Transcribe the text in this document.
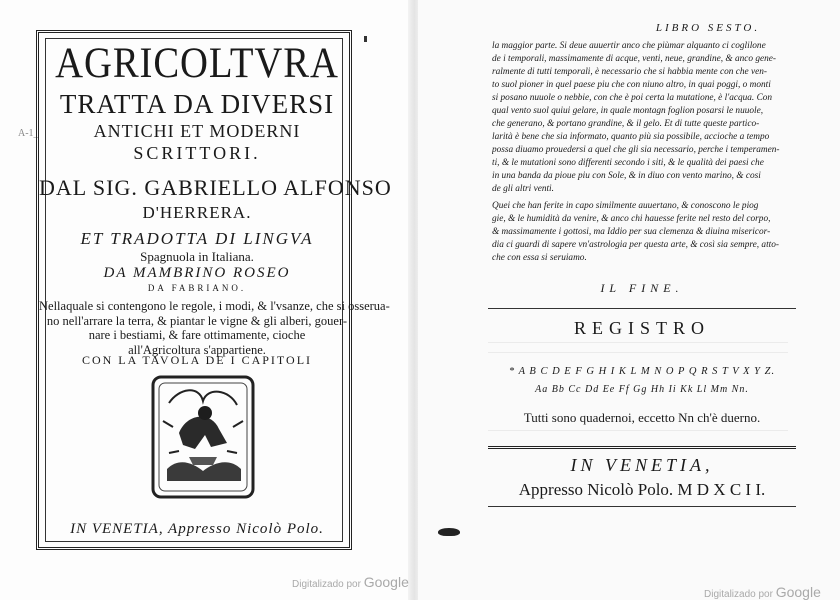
A-1_
AGRICOLTVRA
TRATTA DA DIVERSI
ANTICHI ET MODERNI
SCRITTORI.
DAL SIG. GABRIELLO ALFONSO
D'HERRERA.
ET TRADOTTA DI LINGVA
Spagnuola in Italiana.
DA MAMBRINO ROSEO
DA FABRIANO.
Nellaquale si contengono le regole, i modi, & l'vsanze, che si osserua-
no nell'arrare la terra, & piantar le vigne & gli alberi, gouer-
nare i bestiami, & fare ottimamente, cioche
all'Agricoltura s'appartiene.
CON LA TAVOLA DE I CAPITOLI
IN VENETIA, Appresso Nicolò Polo.
LIBRO SESTO.
la maggior parte. Si deue auuertir anco che piùmar alquanto ci coglilone
de i temporali, massimamente di acque, venti, neue, grandine, & anco gene-
ralmente di tutti temporali, è necessario che si habbia mente con che ven-
to suol pioner in quel paese piu che con niuno altro, in quai poggi, o monti
si posano nuuole o nebbie, con che è poi certa la mutatione, è l'acqua. Con
qual vento suol quiui gelare, in quale montagn foglion posarsi le nuuole,
che generano, & portano grandine, & il gelo. Et di tutte queste partico-
larità è bene che sia informato, quanto più sia possibile, accioche a tempo
possa diuamo prouedersi a quel che gli sia necessario, perche i temperamen-
ti, & le mutationi sono differenti secondo i siti, & le qualità dei paesi che
in una banda da pioue piu con Sole, & in diuo con vento marino, & cosi
de gli altri venti.
Quei che han ferite in capo similmente auuertano, & conoscono le piog
gie, & le humidità da venire, & anco chi hauesse ferite nel resto del corpo,
& massimamente i gottosi, ma Iddio per sua clemenza & diuina misericor-
dia ci guardi di sapere vn'astrologia per questa arte, & così sia sempre, atto-
che con essa si seruiamo.
IL FINE.
REGISTRO
* A B C D E F G H I K L M N O P Q R S T V X Y Z.
Aa Bb Cc Dd Ee Ff Gg Hh Ii Kk Ll Mm Nn.
Tutti sono quadernoi, eccetto Nn ch'è duerno.
IN VENETIA,
Appresso Nicolò Polo. M D X C I I.
Digitalizado por Google
Digitalizado por Google
